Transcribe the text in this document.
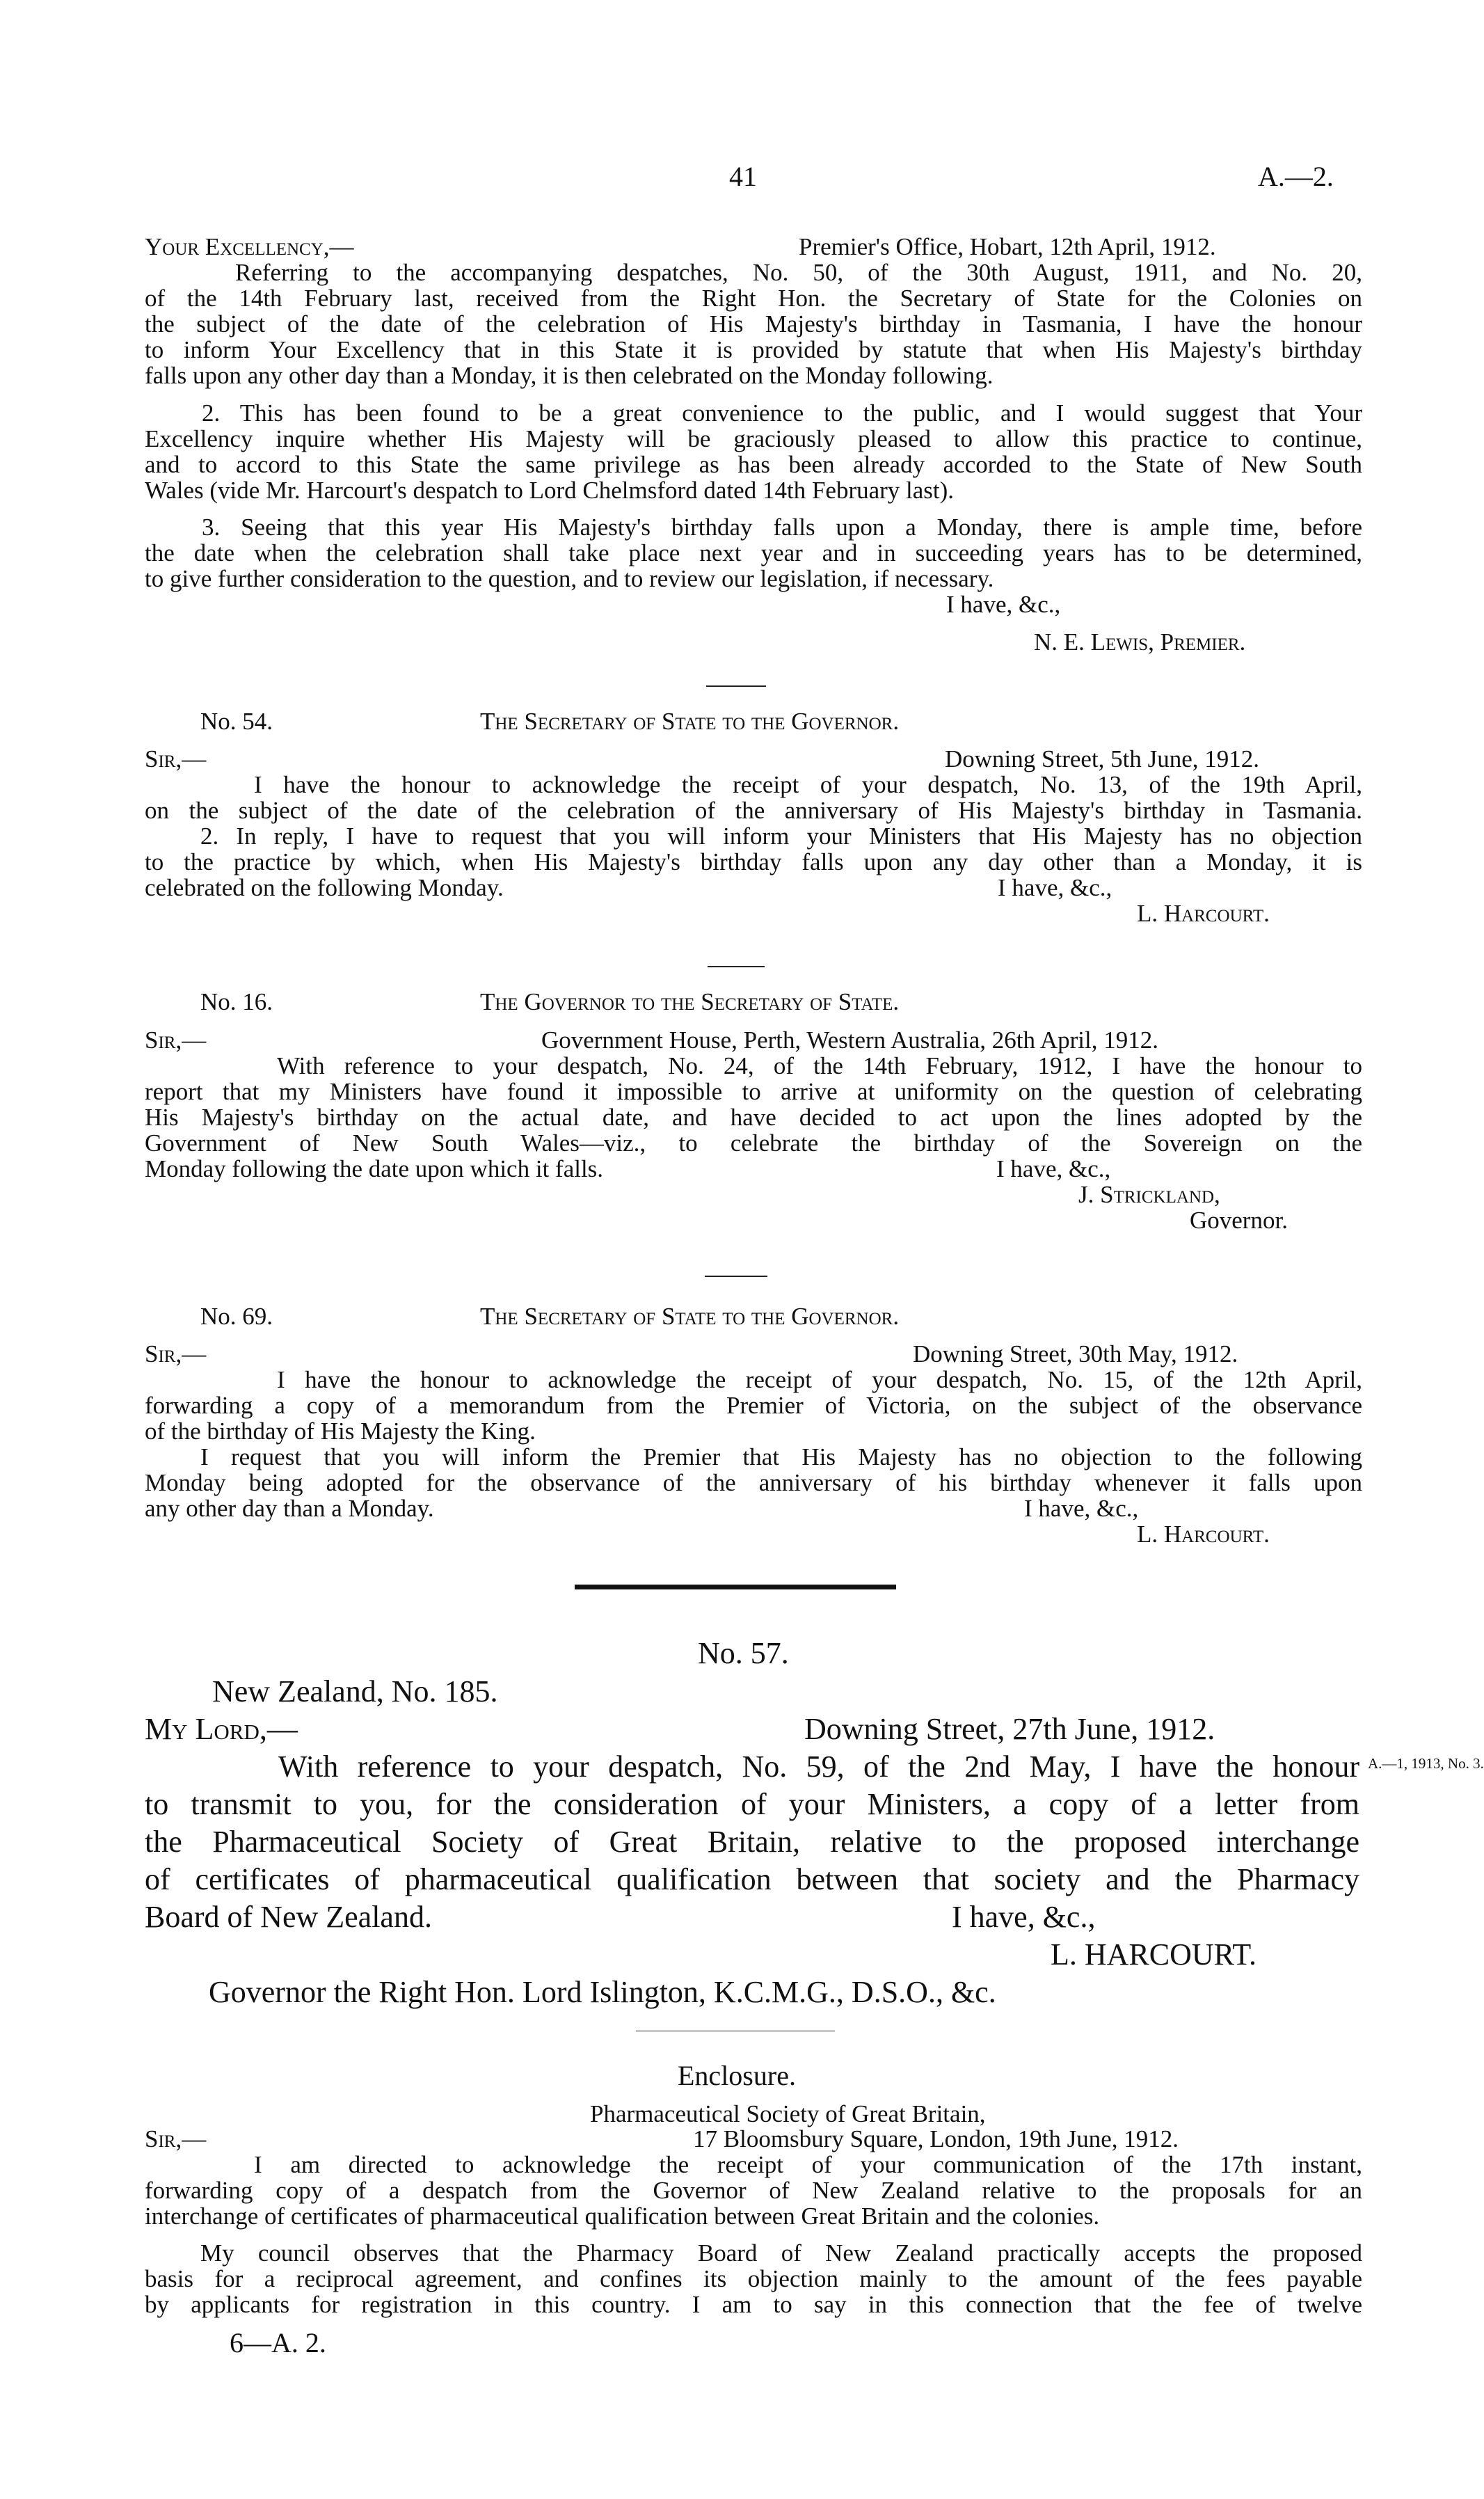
41	A.—2.
Your Excellency,—	Premier's Office, Hobart, 12th April, 1912.
Referring to the accompanying despatches, No. 50, of the 30th August, 1911, and No. 20,
of the 14th February last, received from the Right Hon. the Secretary of State for the Colonies on
the subject of the date of the celebration of His Majesty's birthday in Tasmania, I have the honour
to inform Your Excellency that in this State it is provided by statute that when His Majesty's birthday
falls upon any other day than a Monday, it is then celebrated on the Monday following.
2. This has been found to be a great convenience to the public, and I would suggest that Your
Excellency inquire whether His Majesty will be graciously pleased to allow this practice to continue,
and to accord to this State the same privilege as has been already accorded to the State of New South
Wales (vide Mr. Harcourt's despatch to Lord Chelmsford dated 14th February last).
3. Seeing that this year His Majesty's birthday falls upon a Monday, there is ample time, before
the date when the celebration shall take place next year and in succeeding years has to be determined,
to give further consideration to the question, and to review our legislation, if necessary.
I have, &c.,
N. E. Lewis, Premier.
No. 54.	The Secretary of State to the Governor.
Sir,—	Downing Street, 5th June, 1912.
I have the honour to acknowledge the receipt of your despatch, No. 13, of the 19th April,
on the subject of the date of the celebration of the anniversary of His Majesty's birthday in Tasmania.
2. In reply, I have to request that you will inform your Ministers that His Majesty has no objection
to the practice by which, when His Majesty's birthday falls upon any day other than a Monday, it is
celebrated on the following Monday.	I have, &c.,
L. Harcourt.
No. 16.	The Governor to the Secretary of State.
Sir,—	Government House, Perth, Western Australia, 26th April, 1912.
With reference to your despatch, No. 24, of the 14th February, 1912, I have the honour to
report that my Ministers have found it impossible to arrive at uniformity on the question of celebrating
His Majesty's birthday on the actual date, and have decided to act upon the lines adopted by the
Government of New South Wales—viz., to celebrate the birthday of the Sovereign on the
Monday following the date upon which it falls.	I have, &c.,
J. Strickland,
Governor.
No. 69.	The Secretary of State to the Governor.
Sir,—	Downing Street, 30th May, 1912.
I have the honour to acknowledge the receipt of your despatch, No. 15, of the 12th April,
forwarding a copy of a memorandum from the Premier of Victoria, on the subject of the observance
of the birthday of His Majesty the King.
I request that you will inform the Premier that His Majesty has no objection to the following
Monday being adopted for the observance of the anniversary of his birthday whenever it falls upon
any other day than a Monday.	I have, &c.,
L. Harcourt.
No. 57.
New Zealand, No. 185.
My Lord,—	Downing Street, 27th June, 1912.
With reference to your despatch, No. 59, of the 2nd May, I have the honour A.—1, 1913, No. 3.
to transmit to you, for the consideration of your Ministers, a copy of a letter from
the Pharmaceutical Society of Great Britain, relative to the proposed interchange
of certificates of pharmaceutical qualification between that society and the Pharmacy
Board of New Zealand.	I have, &c.,
L. HARCOURT.
Governor the Right Hon. Lord Islington, K.C.M.G., D.S.O., &c.
Enclosure.
Pharmaceutical Society of Great Britain,
Sir,—	17 Bloomsbury Square, London, 19th June, 1912.
I am directed to acknowledge the receipt of your communication of the 17th instant,
forwarding copy of a despatch from the Governor of New Zealand relative to the proposals for an
interchange of certificates of pharmaceutical qualification between Great Britain and the colonies.
My council observes that the Pharmacy Board of New Zealand practically accepts the proposed
basis for a reciprocal agreement, and confines its objection mainly to the amount of the fees payable
by applicants for registration in this country. I am to say in this connection that the fee of twelve
6—A. 2.
